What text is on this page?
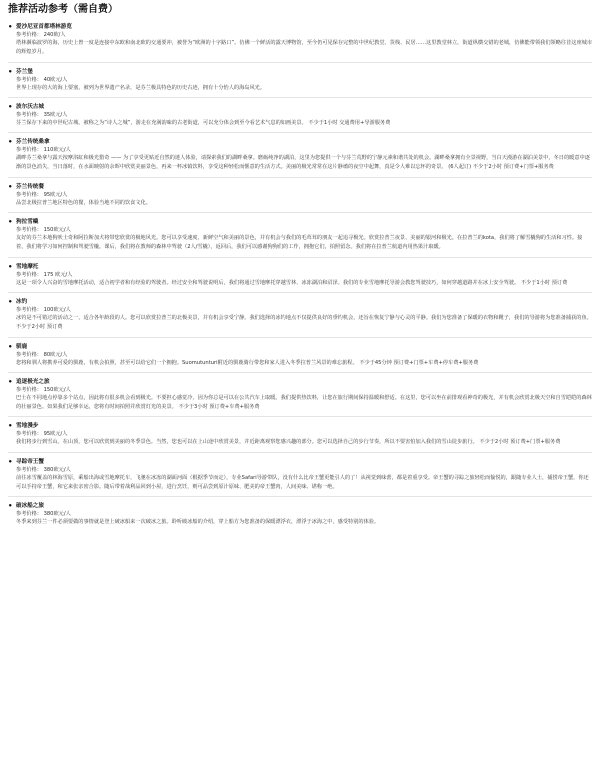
推荐活动参考（需自费）
• 爱沙尼亚首都塔林游览
参考价格： 240欧/人
塔林濒临波罗的海，历史上曾一度是连接中东欧和南北欧的交通要冲，被誉为“欧洲的十字路口”。仿佛一个鲜活的露天博物馆，至今仍可见保存完整的中世纪教堂、货栈、民居……这里教堂林立，街道纵横交错的老城，仿佛能带领我们领略往昔这座城市的辉煌岁月。
• 芬兰堡
参考价格： 40欧元/人
世界上现存的大的海上要塞，被列为世界遗产名录，是芬兰极具特色的历史古迹，拥有十分怡人的海岛风光。
• 波尔沃古城
参考价格： 35欧元/人
芬兰保存下来的中世纪古城，被称之为“诗人之城”，游走在充满韵味的古老街道，可以充分体会到至今看艺术气息的如画美景。 不少于1小时 交通费用+导游服务费
• 芬兰传统桑拿
参考价格： 110欧元/人
湖畔芬兰桑拿与露天按摩浴缸和极光猎奇 —— 为了享受更贴近自然的迷人体验，请探索我们的湖畔桑拿。磨砺纯净的湖泊，这里为您提供一个与芬兰荒野的宁静元素和谐共处的机会。湖畔桑拿拥有全景视野，当白天漫游在湖泊美景中，冬日的暖意中逐渐的景色消失，当日落时，在水面映射的余晖中欣赏美丽景色，再来一杯冰镇饮料，享受这种轻松而惬意的生活方式。美丽的极光常常在这片静谧的夜空中起舞，真是令人难以忘怀的奇景。 (6人起订) 不少于2小时 预订费+门票+服务费
• 芬兰传统餐
参考价格： 95欧元/人
品尝北极拉普兰地区特色的餐，体验当地不同的饮食文化。
• 狗拉雪橇
参考价格： 150欧元/人
友好的芬兰本地狗吠士奇和阿拉斯加犬将带您欣赏的极地风光。您可以享受速度、新鲜空气和美丽的景色，并有机会与我们的毛茸茸的朋友一起追寻极光。欣赏拉普兰夜景、美丽的银河和极光。在拉普兰的kota，我们将了解雪橇狗的生活和习性。接着，我们将学习如何控制和驾驶雪橇。课后，我们将在教师的森林中驾驶（2人/雪橇），返回后，我们可以感谢狗狗们的工作，拥抱它们，拍照留念。我们将在拉普兰航道内用热果汁取暖。
• 雪地摩托
参考价格： 175 欧元/人
这是一项令人兴奋的雪地摩托活动，适合初学者和有经验的驾驶者。经过安全和驾驶说明后，我们将通过雪地摩托穿越雪林、冰冻湖泊和沼泽。我们的专业雪地摩托导游会教您驾驶技巧，如何穿越道路并在冰上安全驾驶。 不少于1小时 预订费
• 冰钓
参考价格： 100欧元/人
冰钓是不可错过的活动之一，适合各年龄段的人。您可以欣赏拉普兰的北极美景，并有机会享受宁静。我们选择的冰钓地点不仅提供良好的垂钓机会，还旨在恢复宁静与心灵的平静。我们为您准备了保暖的衣物和靴子，我们的导游将为您准备捕获的鱼。 不少于2小时 预订费
• 驯鹿
参考价格： 80欧元/人
您将和驯人将携养可爱的驯鹿，有机会拍照，甚至可以给它们一个拥抱。Suomutunturi附近的驯鹿骑行带您和家人进入冬季拉普兰风景的难忘旅程。 不少于45分钟 预订费+门票+车费+停车费+服务费
• 追逐极光之旅
参考价格： 150欧元/人
巴士在不同地点停靠多个站点，因此将有很多机会看到极光。不要担心感觉冷，因为你总是可以在公共汽车上取暖。我们提供热饮料，让您在旅行期间保持温暖和舒适。在这里，您可以坐在前排观看神奇的极光，并有机会欣赏北极天空和自雪皑皑的森林的壮丽景色。如果我们足够幸运，您将有时间拍照并欣赏灯光的美景。 不少于3小时 预订费+车费+服务费
• 雪地漫步
参考价格： 95欧元/人
我们将步行到雪山。在山顶，您可以欣赏到美丽的冬季景色。当然，您也可以在上山途中欣赏美景，并近距离观察您感兴趣的部分。您可以选择自己的步行节奏，所以不要害怕加入我们的雪山徒步旅行。 不少于2小时 预订费+门票+服务费
• 寻踪帝王蟹
参考价格： 380欧元/人
前往冰雪覆盖的林海雪原，乘船出海或雪地摩托车，飞驰在冰冻的湖面河面（根据季节而定），专业Safari导游带队，没有什么比帝王蟹更能引人的了！从视觉到味蕾，都是着重享受。帝王蟹的寻踪之旅轻松而愉悦的，跟随专业人士，捕捞帝王蟹，你还可以手持帝王蟹，和它来张亲密合影。随后带着战利品回到小屋，进行烹饪，则可品尝到原汁原味、肥美的帝王蟹肉，人间美味、堪称一绝。
• 破冰船之旅
参考价格： 380欧元/人
冬季来到芬兰一件必须要做的事情就是登上破冰船来一次破冰之旅。聆听破冰船的介绍，穿上船方为您准备的保暖漂浮衣，漂浮于冰海之中，感受特别的体验。
